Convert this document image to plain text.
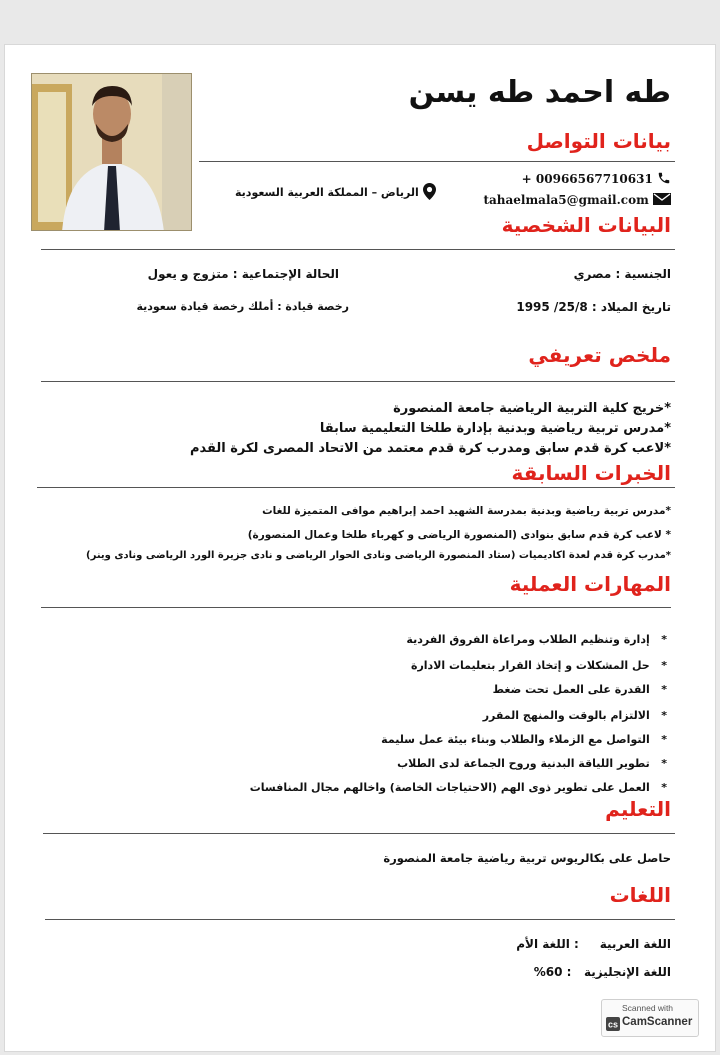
طه احمد طه يسن
بيانات التواصل
+ 00966567710631
tahaelmala5@gmail.com
الرياض – المملكة العربية السعودية
البيانات الشخصية
الجنسية : مصري
الحالة الإجتماعية : متزوج و يعول
تاريخ الميلاد : 25/8/ 1995
رخصة قيادة : أملك رخصة قيادة سعودية
ملخص تعريفي
*خريج كلية التربية الرياضية جامعة المنصورة
*مدرس تربية رياضية وبدنية بإدارة طلخا التعليمية سابقا
*لاعب كرة قدم سابق ومدرب كرة قدم معتمد من الاتحاد المصرى لكرة القدم
الخبرات السابقة
*مدرس تربية رياضية وبدنية بمدرسة الشهيد احمد إبراهيم موافى المتميزة للغات
* لاعب كرة قدم سابق بنوادى (المنصورة الرياضى و كهرباء طلخا وعمال المنصورة)
*مدرب كرة قدم لعدة اكاديميات (ستاد المنصورة الرياضى ونادى الحوار الرياضى و نادى جزيرة الورد الرياضى ونادى وينر)
المهارات العملية
*   إدارة وتنظيم الطلاب ومراعاة الفروق الفردية
*   حل المشكلات و إتخاذ القرار بتعليمات الادارة
*   القدرة على العمل تحت ضغط
*   الالتزام بالوقت والمنهج المقرر
*   التواصل مع الزملاء والطلاب وبناء بيئة عمل سليمة
*   تطوير اللياقة البدنية وروح الجماعة لدى الطلاب
*   العمل على تطوير ذوى الهم (الاحتياجات الخاصة) واخالهم مجال المنافسات
التعليم
حاصل على بكالريوس تربية رياضية جامعة المنصورة
اللغات
اللغة العربية     : اللغة الأم
اللغة الإنجليزية   : 60%
Scanned with
cs CamScanner
